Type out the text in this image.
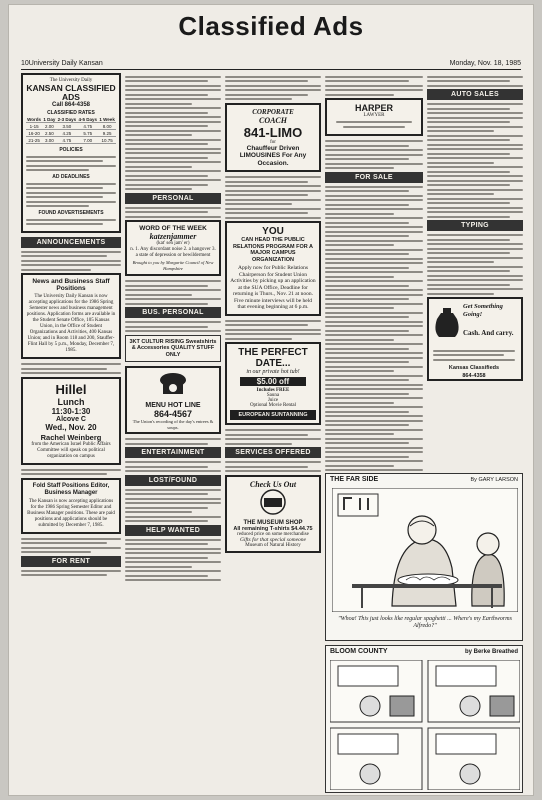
Classified Ads
10 University Daily Kansan	Monday, Nov. 18, 1985
The University Daily
KANSAN CLASSIFIED ADS
Call 864-4358
CLASSIFIED RATES
Words	1 Day	2-3 Days	4-5 Days	1 Week
1-15	2.00	3.50	4.75	8.00
16-20	2.50	4.25	5.75	9.25
21-25	3.00	4.75	7.00	10.75
POLICIES
AD DEADLINES
FOUND ADVERTISEMENTS
ANNOUNCEMENTS
News and Business Staff Positions
The University Daily Kansan is now accepting applications for the 1986 Spring Semester news and business management positions. Application forms are available in the Student Senate Office, 105 Kansas Union, in the Office of Student Organizations and Activities, 400 Kansas Union; and in Room 118 and 200, Stauffer-Flint Hall by 5 p.m., Monday, December 7, 1985.
Hillel
Lunch
11:30-1:30
Alcove C
Wed., Nov. 20
Rachel Weinberg
from the American Israel Public Affairs Committee will speak on political organization on campus
Fold Staff Positions Editor, Business Manager
The Kansan is now accepting applications for the 1986 Spring Semester Editor and Business Manager positions. These are paid positions and applications should be submitted by December 7, 1985.
FOR RENT
PERSONAL
WORD OF THE WEEK
katzenjammer
(kat' sen jam' er)
n. 1. Any discordant noise 2. a hangover 3. a state of depression or bewilderment
Brought to you by Margarite Council of New Hampshire
BUS. PERSONAL
3KT CULTUR RISING Sweatshirts & Accessories QUALITY STUFF ONLY
MENU HOT LINE
864-4567
The Union's recording of the day's entrees & soups.
ENTERTAINMENT
LOST/FOUND
HELP WANTED
CORPORATE
COACH
841-LIMO
for
Chauffeur Driven LIMOUSINES For Any Occasion.
YOU
CAN HEAD THE PUBLIC RELATIONS PROGRAM FOR A MAJOR CAMPUS ORGANIZATION
Apply now for Public Relations Chairperson for Student Union Activities by picking up an application at the SUA Office, Deadline for returning is Thurs., Nov. 21 at noon. Five minute interviews will be held that evening beginning at 6 p.m.
THE PERFECT DATE...
in our private hot tub!
$5.00 off
Includes FREE
Sauna
Juice
Optional Movie Rental
EUROPEAN SUNTANNING
SERVICES OFFERED
Check Us Out
THE MUSEUM SHOP
All remaining T-shirts $4.44.75
reduced price on some merchandise
Gifts for that special someone
Museum of Natural History
HARPER
LAWYER
FOR SALE
AUTO SALES
TYPING
Get Something Going!
Cash. And carry.
Kansas Classifieds
864-4358
THE FAR SIDE	By GARY LARSON
"Whoa! This just looks like regular spaghetti ... Where's my Earthworms Alfredo?"
BLOOM COUNTY	by Berke Breathed
